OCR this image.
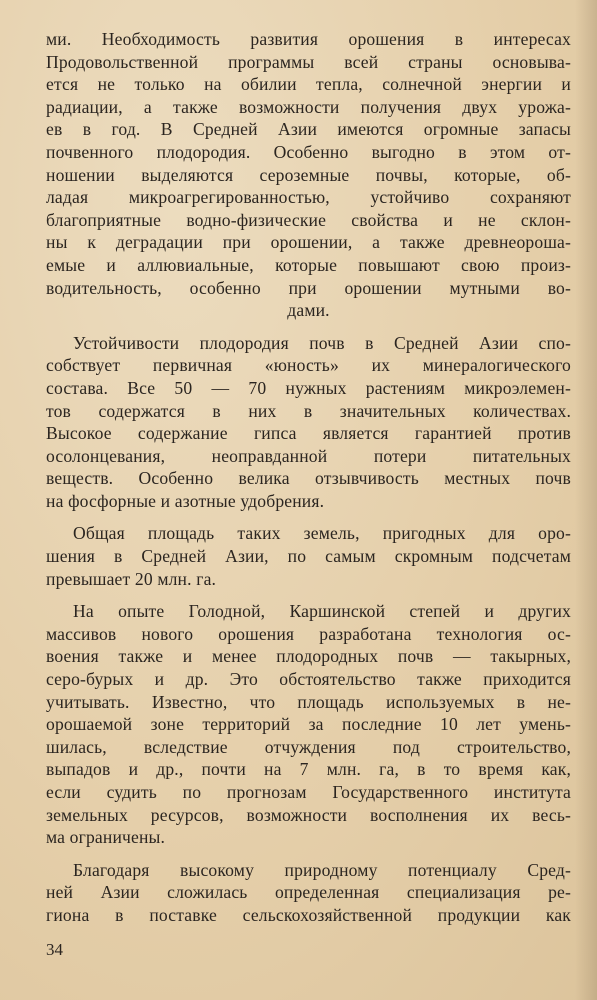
ми. Необходимость развития орошения в интересах
Продовольственной программы всей страны основыва-
ется не только на обилии тепла, солнечной энергии и
радиации, а также возможности получения двух урожа-
ев в год. В Средней Азии имеются огромные запасы
почвенного плодородия. Особенно выгодно в этом от-
ношении выделяются сероземные почвы, которые, об-
ладая микроагрегированностью, устойчиво сохраняют
благоприятные водно-физические свойства и не склон-
ны к деградации при орошении, а также древнеороша-
емые и аллювиальные, которые повышают свою произ-
водительность, особенно при орошении мутными во-
дами.
Устойчивости плодородия почв в Средней Азии спо-
собствует первичная «юность» их минералогического
состава. Все 50 — 70 нужных растениям микроэлемен-
тов содержатся в них в значительных количествах.
Высокое содержание гипса является гарантией против
осолонцевания, неоправданной потери питательных
веществ. Особенно велика отзывчивость местных почв
на фосфорные и азотные удобрения.
Общая площадь таких земель, пригодных для оро-
шения в Средней Азии, по самым скромным подсчетам
превышает 20 млн. га.
На опыте Голодной, Каршинской степей и других
массивов нового орошения разработана технология ос-
воения также и менее плодородных почв — такырных,
серо-бурых и др. Это обстоятельство также приходится
учитывать. Известно, что площадь используемых в не-
орошаемой зоне территорий за последние 10 лет умень-
шилась, вследствие отчуждения под строительство,
выпадов и др., почти на 7 млн. га, в то время как,
если судить по прогнозам Государственного института
земельных ресурсов, возможности восполнения их весь-
ма ограничены.
Благодаря высокому природному потенциалу Сред-
ней Азии сложилась определенная специализация ре-
гиона в поставке сельскохозяйственной продукции как
34
